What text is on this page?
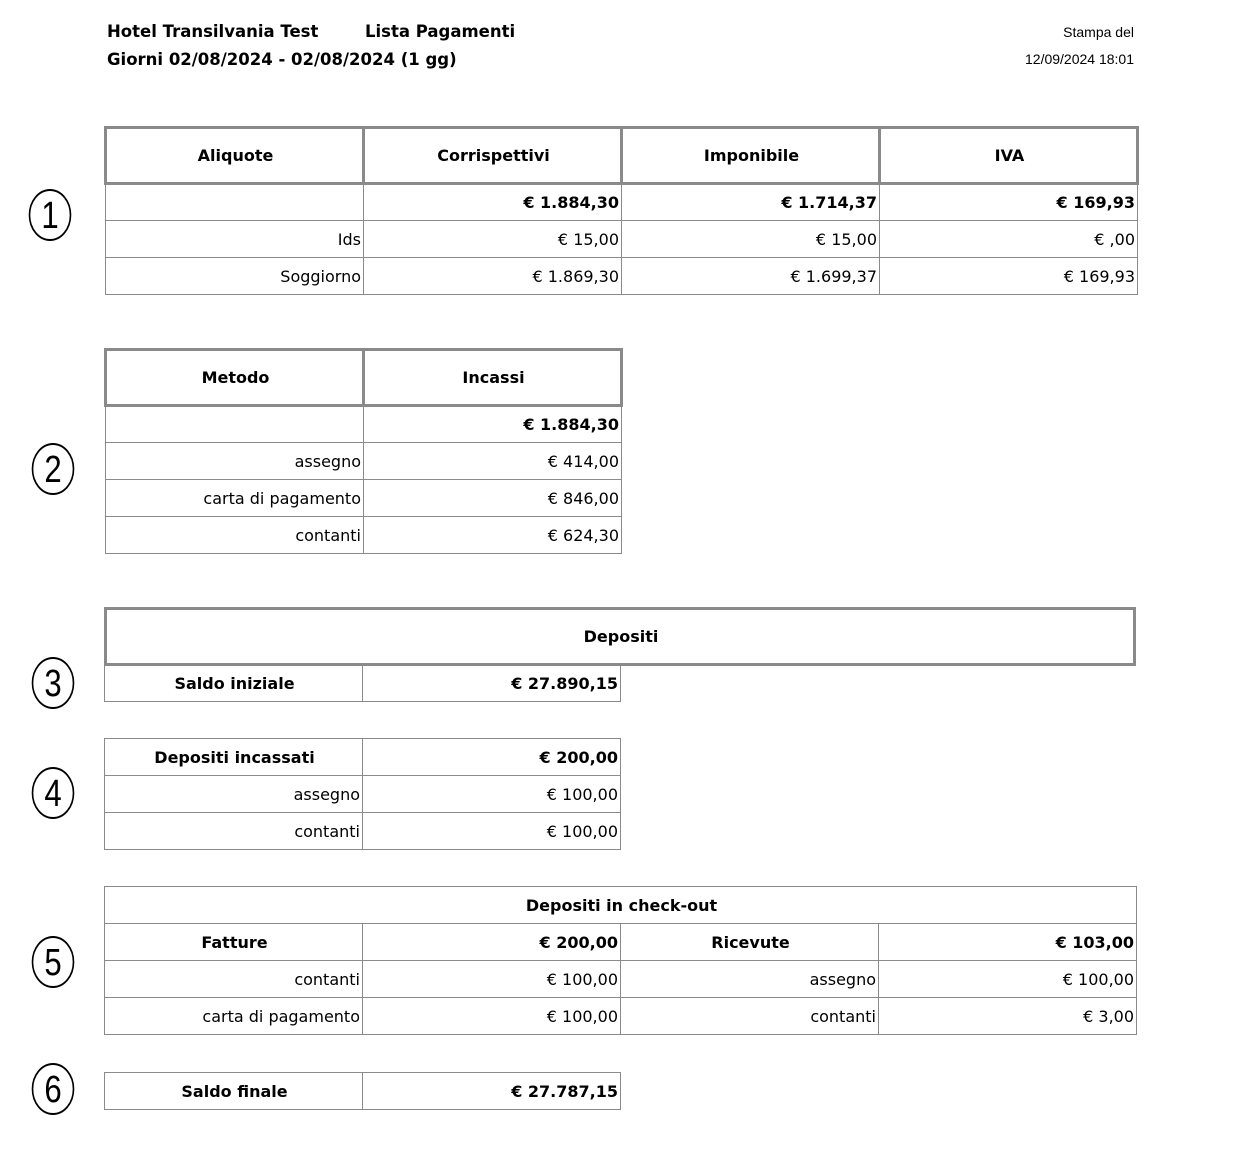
Hotel Transilvania Test	Lista Pagamenti
Giorni 02/08/2024 - 02/08/2024 (1 gg)
Stampa del
12/09/2024 18:01
1
2
3
4
5
6
Aliquote	Corrispettivi	Imponibile	IVA
	€ 1.884,30	€ 1.714,37	€ 169,93
Ids	€ 15,00	€ 15,00	€ ,00
Soggiorno	€ 1.869,30	€ 1.699,37	€ 169,93
Metodo	Incassi
	€ 1.884,30
assegno	€ 414,00
carta di pagamento	€ 846,00
contanti	€ 624,30
Depositi
Saldo iniziale	€ 27.890,15
Depositi incassati	€ 200,00
assegno	€ 100,00
contanti	€ 100,00
Depositi in check-out			
Fatture	€ 200,00	Ricevute	€ 103,00
contanti	€ 100,00	assegno	€ 100,00
carta di pagamento	€ 100,00	contanti	€ 3,00
Saldo finale	€ 27.787,15
